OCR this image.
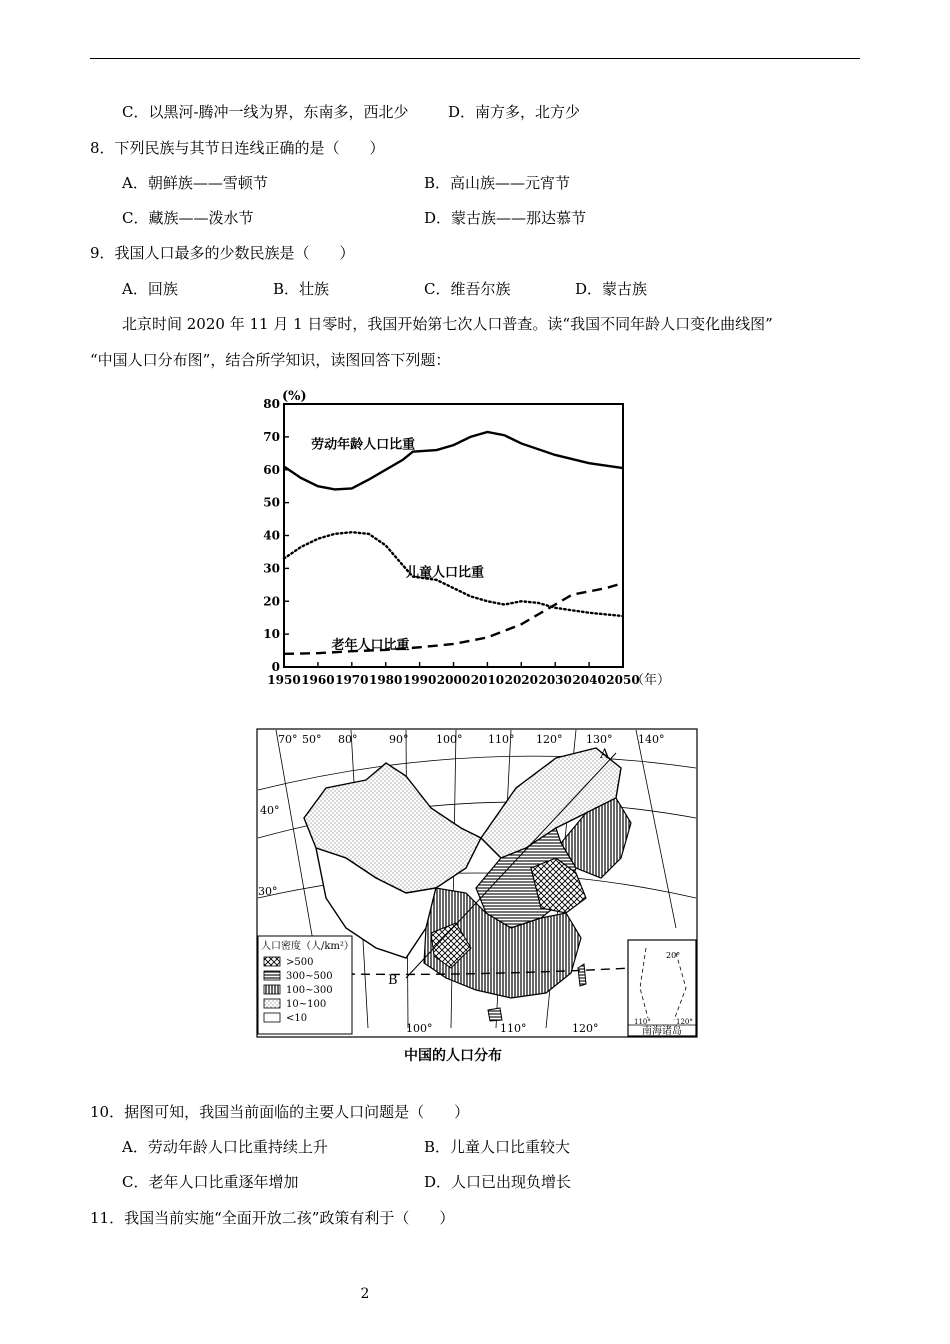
C．以黑河-腾冲一线为界，东南多，西北少	D．南方多，北方少
8．下列民族与其节日连线正确的是（　　）
A．朝鲜族——雪顿节	B．高山族——元宵节
C．藏族——泼水节	D．蒙古族——那达慕节
9．我国人口最多的少数民族是（　　）
A．回族	B．壮族	C．维吾尔族	D．蒙古族
北京时间 2020 年 11 月 1 日零时，我国开始第七次人口普查。读“我国不同年龄人口变化曲线图”
“中国人口分布图”，结合所学知识，读图回答下列题：
0
10
20
30
40
50
60
70
80
1950 1960 1970 1980 1990 2000 2010 2020 2030 2040 2050
(%)
（年）
劳动年龄人口比重
儿童人口比重
老年人口比重
人口密度（人/km²）
>500
300~500
100~300
10~100
<10
70° 50° 80°	90°	100° 110° 120° 130° 140°
40°
30°
100°	110°	120°
A
B
20°
110°	120°
南海诸岛
中国的人口分布
10．据图可知，我国当前面临的主要人口问题是（　　）
A．劳动年龄人口比重持续上升	B．儿童人口比重较大
C．老年人口比重逐年增加	D．人口已出现负增长
11．我国当前实施“全面开放二孩”政策有利于（　　）
2
